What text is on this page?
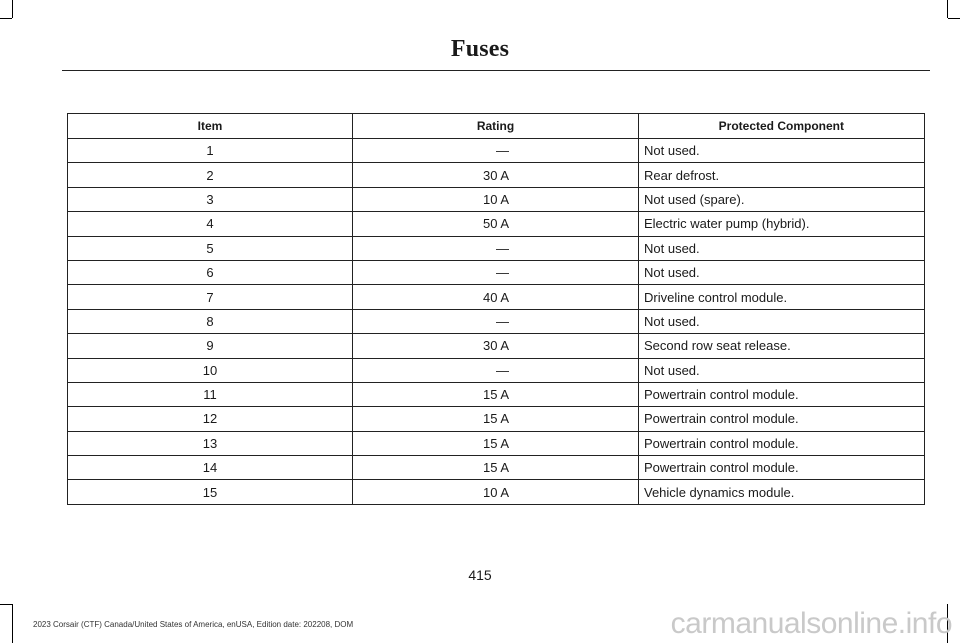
Fuses
Item	Rating	Protected Component
1	—	Not used.
2	30 A	Rear defrost.
3	10 A	Not used (spare).
4	50 A	Electric water pump (hybrid).
5	—	Not used.
6	—	Not used.
7	40 A	Driveline control module.
8	—	Not used.
9	30 A	Second row seat release.
10	—	Not used.
11	15 A	Powertrain control module.
12	15 A	Powertrain control module.
13	15 A	Powertrain control module.
14	15 A	Powertrain control module.
15	10 A	Vehicle dynamics module.
415
2023 Corsair (CTF) Canada/United States of America, enUSA, Edition date: 202208, DOM	carmanualsonline.info
